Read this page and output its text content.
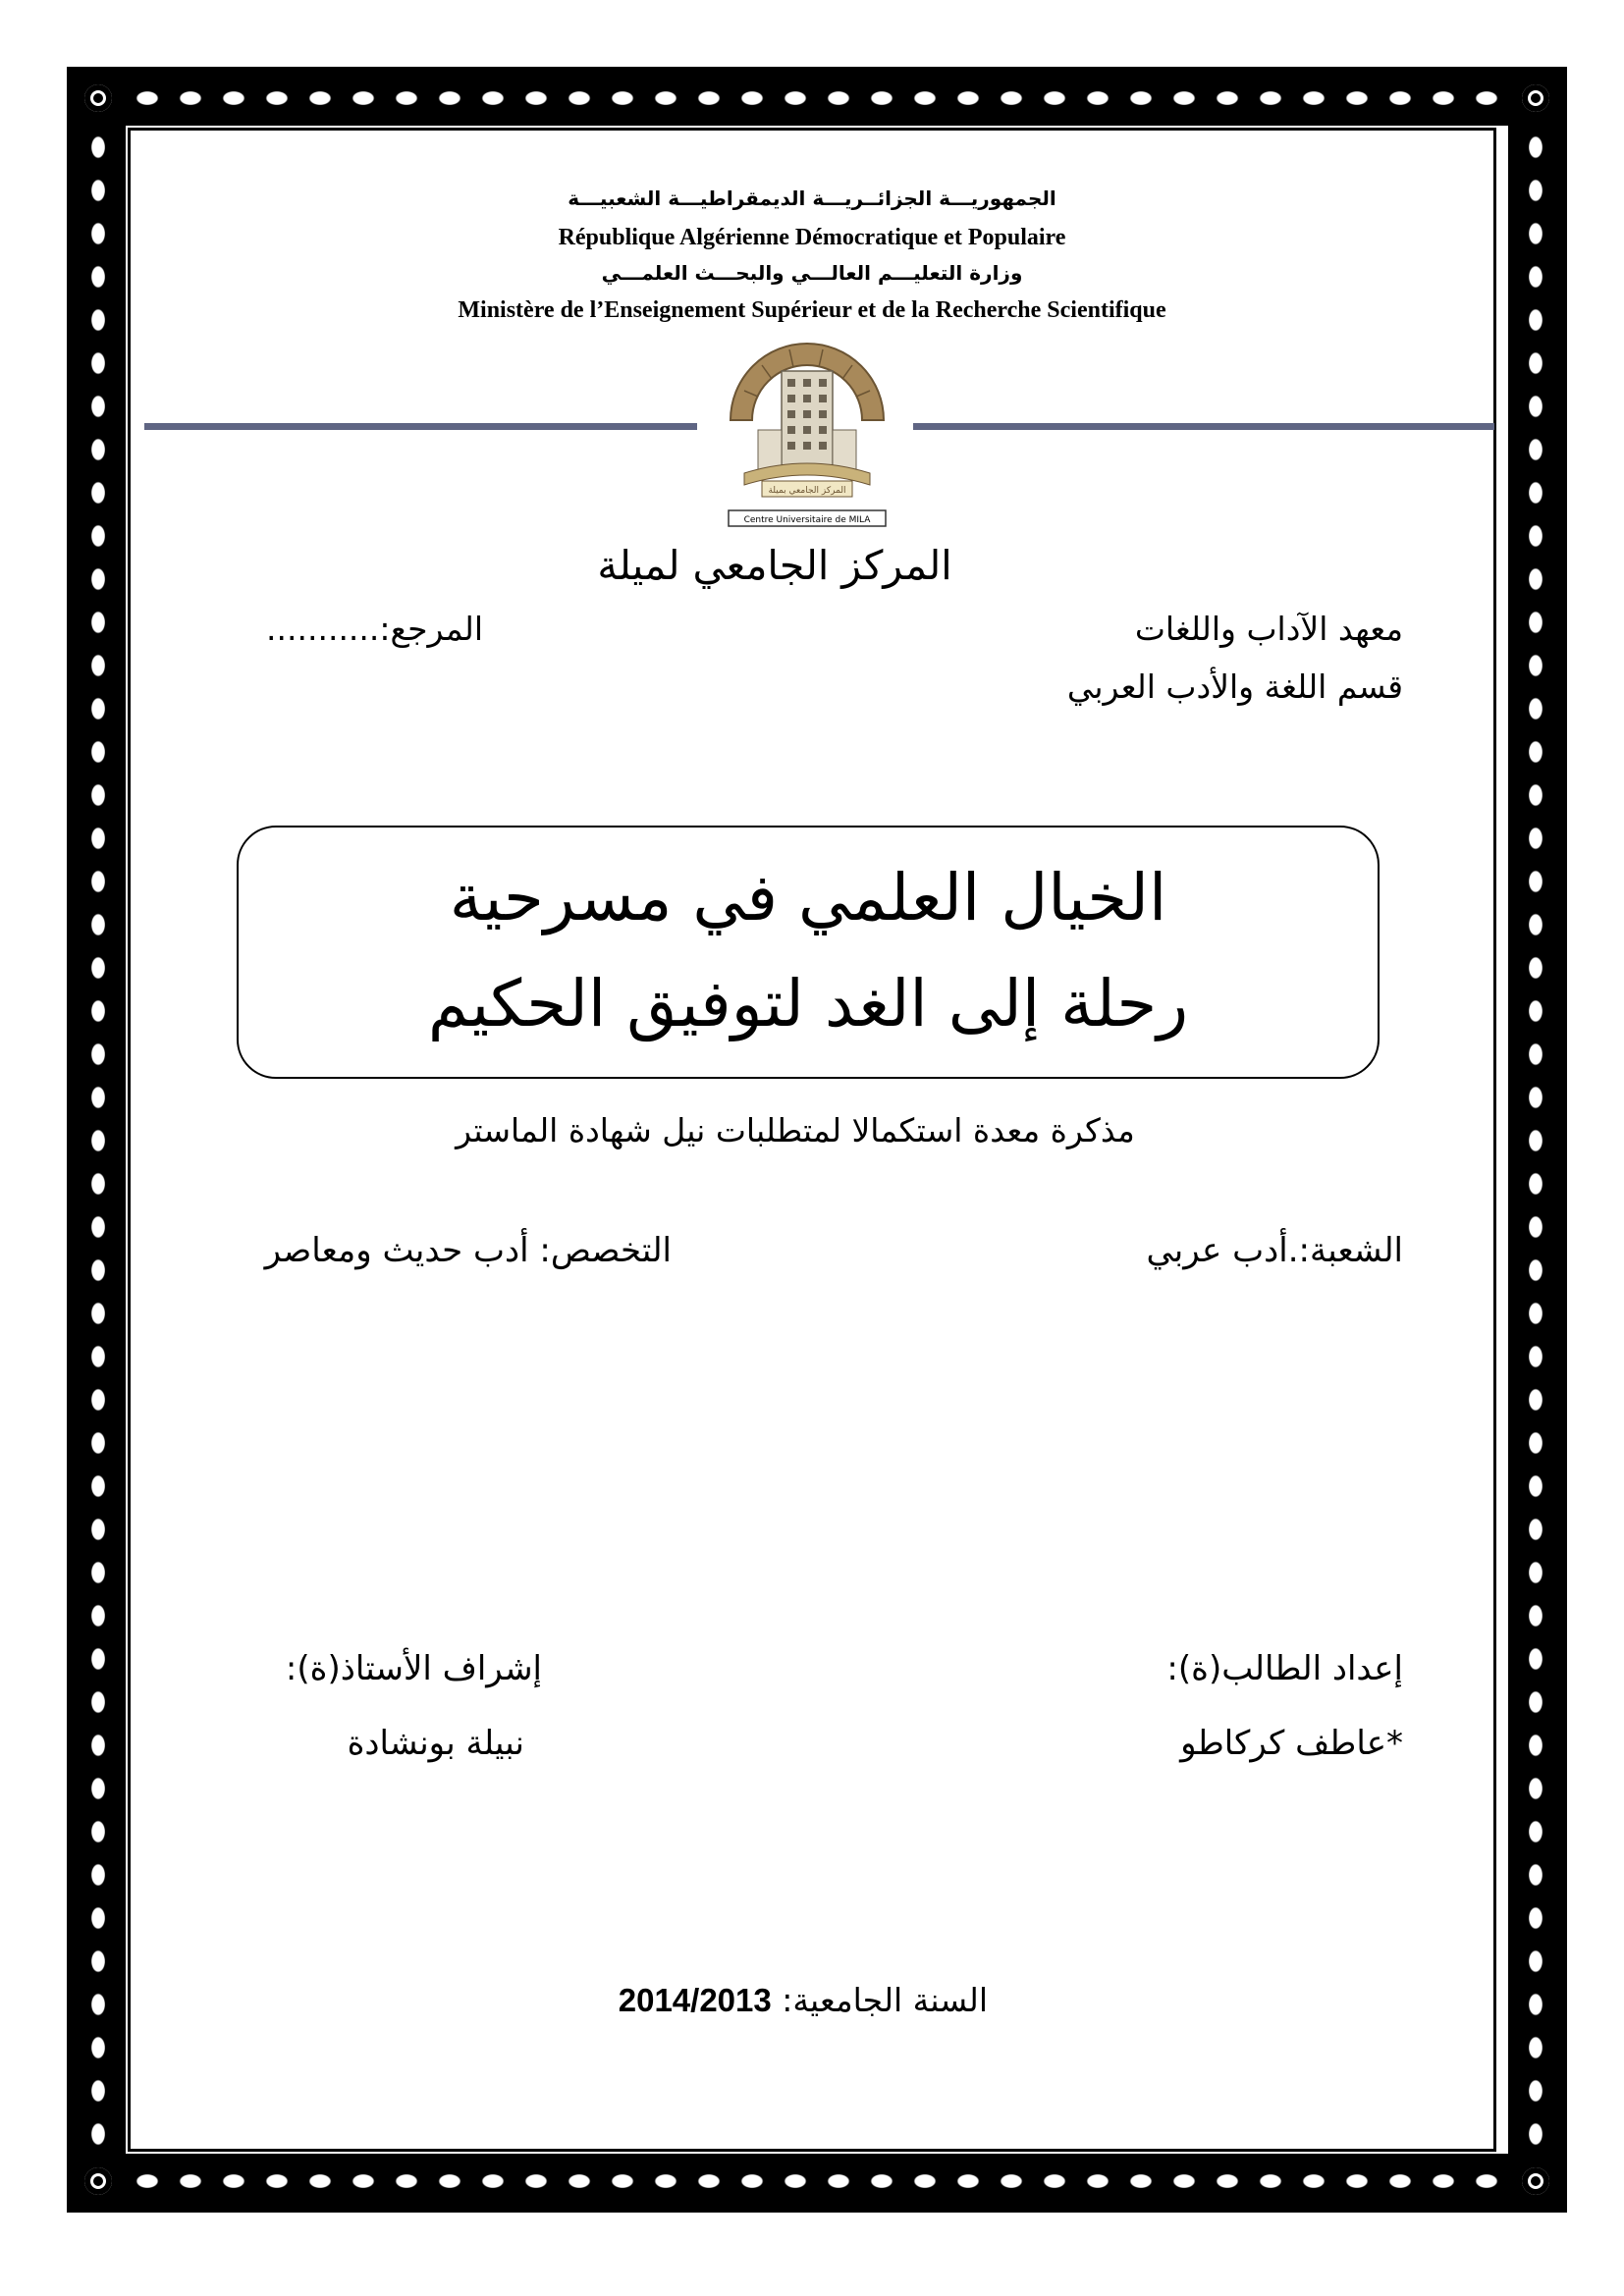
الجمهوريـــة الجزائــريـــة الديمقراطيـــة الشعبيـــة
République Algérienne Démocratique et Populaire
وزارة التعليـــم العالـــي والبحـــث العلمـــي
Ministère de l’Enseignement Supérieur et de la Recherche Scientifique
المركز الجامعي بميلة
Centre Universitaire de MILA
المركز الجامعي لميلة
معهد الآداب واللغات
المرجع:...........
قسم اللغة والأدب العربي
الخيال العلمي في مسرحية
رحلة إلى الغد لتوفيق الحكيم
مذكرة معدة استكمالا لمتطلبات نيل شهادة الماستر
الشعبة:.أدب عربي
التخصص: أدب حديث ومعاصر
إعداد الطالب(ة):
*عاطف كركاطو
إشراف الأستاذ(ة):
نبيلة بونشادة
السنة الجامعية: 2014/2013
